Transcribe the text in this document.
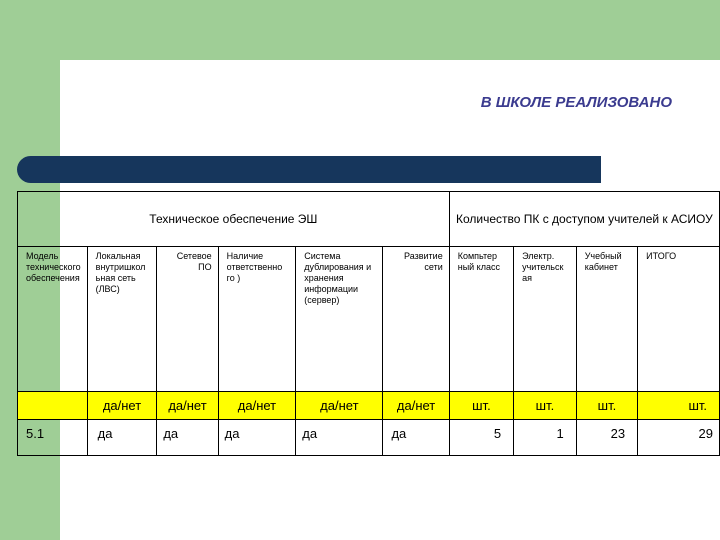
В ШКОЛЕ РЕАЛИЗОВАНО
Техническое обеспечение ЭШ						Количество ПК с доступом учителей к АСИОУ			

Модель технического обеспечения	Локальная внутришкол ьная сеть (ЛВС)	Сетевое ПО	Наличие ответственно го )	Система дублирования и хранения информации (сервер)	Развитие сети	Компьтер ный класс	Электр. учительск ая	Учебный кабинет	ИТОГО
	да/нет	да/нет	да/нет	да/нет	да/нет	шт.	шт.	шт.	шт.
5.1	да	да	да	да	да	5	1	23	29
